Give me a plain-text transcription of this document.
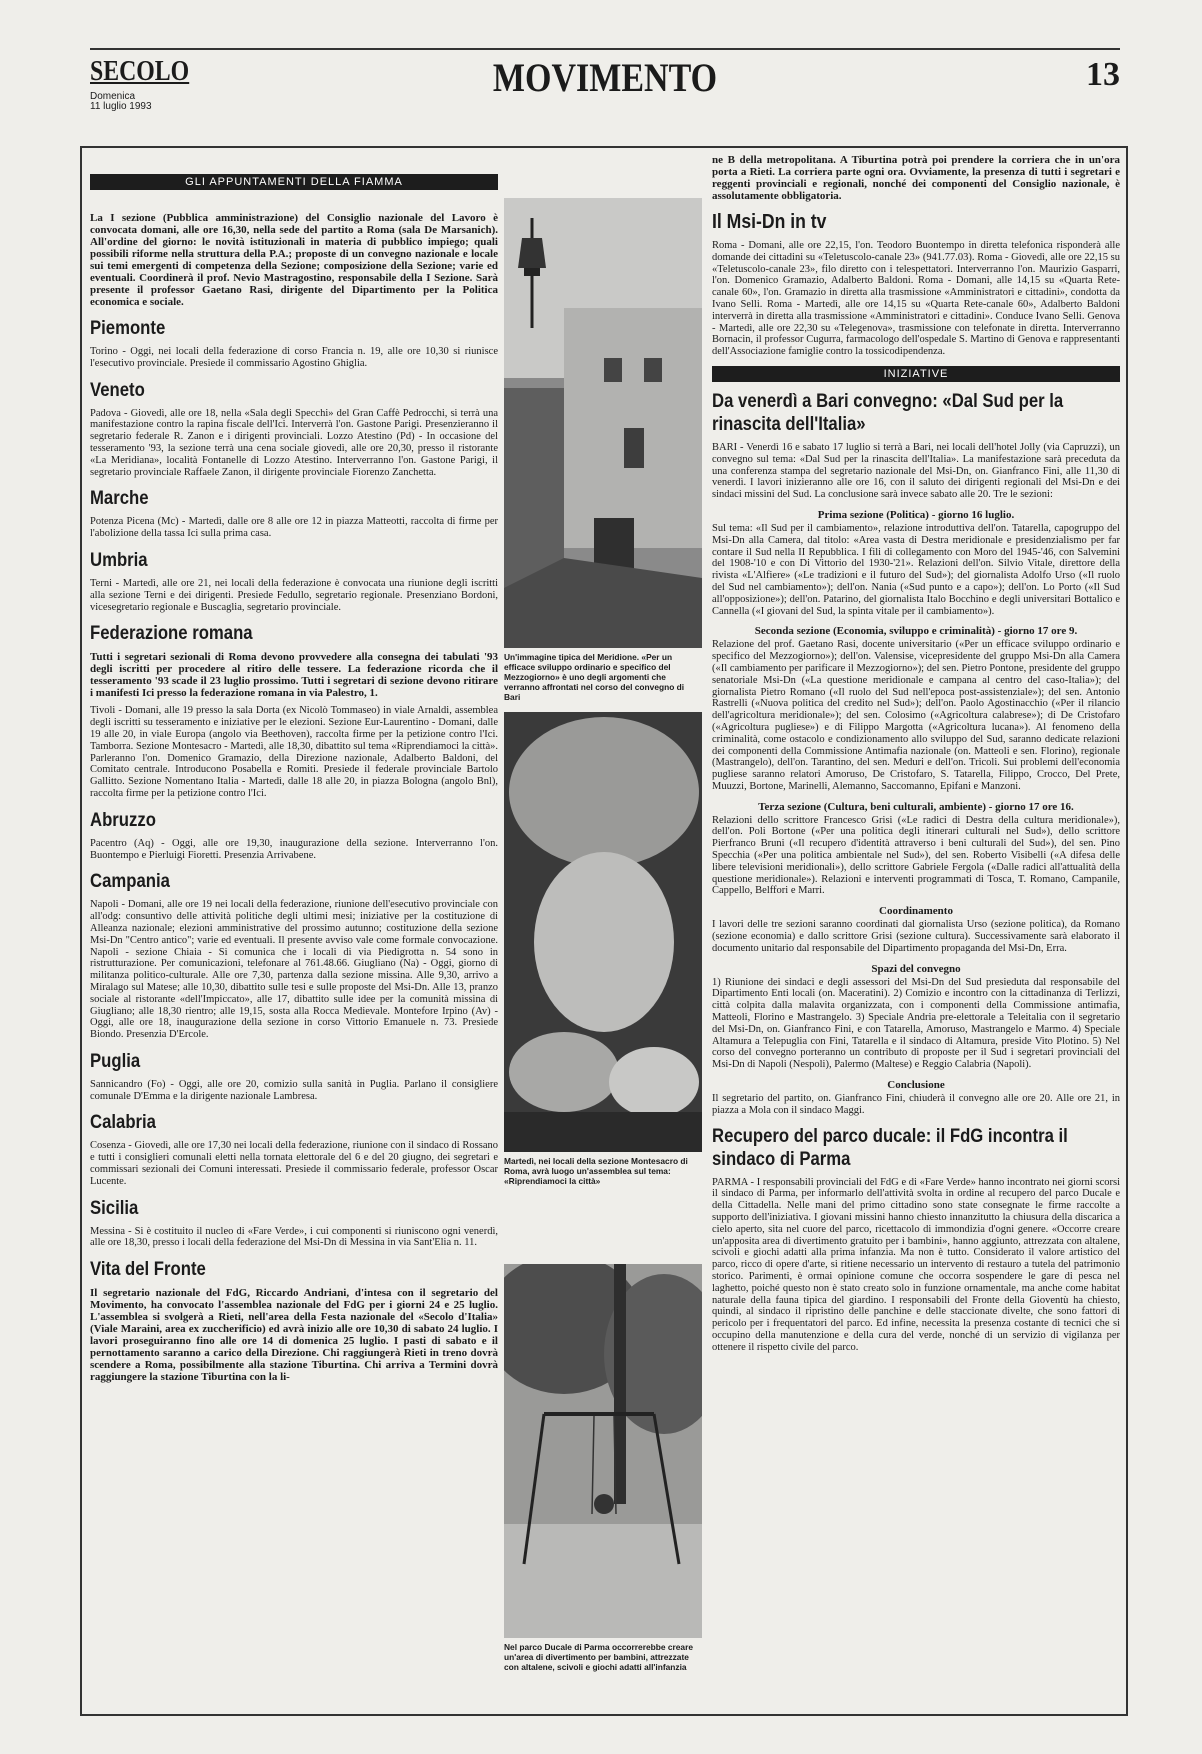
SECOLO
Domenica
11 luglio 1993
MOVIMENTO	13
GLI APPUNTAMENTI DELLA FIAMMA
La I sezione (Pubblica amministrazione) del Consiglio nazionale del Lavoro è convocata domani, alle ore 16,30, nella sede del partito a Roma (sala De Marsanich). All'ordine del giorno: le novità istituzionali in materia di pubblico impiego; quali possibili riforme nella struttura della P.A.; proposte di un convegno nazionale e locale sui temi emergenti di competenza della Sezione; composizione della Sezione; varie ed eventuali. Coordinerà il prof. Nevio Mastragostino, responsabile della I Sezione. Sarà presente il professor Gaetano Rasi, dirigente del Dipartimento per la Politica economica e sociale.
Piemonte

Torino - Oggi, nei locali della federazione di corso Francia n. 19, alle ore 10,30 si riunisce l'esecutivo provinciale. Presiede il commissario Agostino Ghiglia.

Veneto

Padova - Giovedì, alle ore 18, nella «Sala degli Specchi» del Gran Caffè Pedrocchi, si terrà una manifestazione contro la rapina fiscale dell'Ici. Interverrà l'on. Gastone Parigi. Presenzieranno il segretario federale R. Zanon e i dirigenti provinciali. Lozzo Atestino (Pd) - In occasione del tesseramento '93, la sezione terrà una cena sociale giovedì, alle ore 20,30, presso il ristorante «La Meridiana», località Fontanelle di Lozzo Atestino. Interverranno l'on. Gastone Parigi, il segretario provinciale Raffaele Zanon, il dirigente provinciale Fiorenzo Zanchetta.

Marche

Potenza Picena (Mc) - Martedì, dalle ore 8 alle ore 12 in piazza Matteotti, raccolta di firme per l'abolizione della tassa Ici sulla prima casa.

Umbria

Terni - Martedì, alle ore 21, nei locali della federazione è convocata una riunione degli iscritti alla sezione Terni e dei dirigenti. Presiede Fedullo, segretario regionale. Presenziano Bordoni, vicesegretario regionale e Buscaglia, segretario provinciale.

Federazione romana

Tutti i segretari sezionali di Roma devono provvedere alla consegna dei tabulati '93 degli iscritti per procedere al ritiro delle tessere. La federazione ricorda che il tesseramento '93 scade il 23 luglio prossimo. Tutti i segretari di sezione devono ritirare i manifesti Ici presso la federazione romana in via Palestro, 1.

Tivoli - Domani, alle 19 presso la sala Dorta (ex Nicolò Tommaseo) in viale Arnaldi, assemblea degli iscritti su tesseramento e iniziative per le elezioni. Sezione Eur-Laurentino - Domani, dalle 19 alle 20, in viale Europa (angolo via Beethoven), raccolta firme per la petizione contro l'Ici. Tamborra. Sezione Montesacro - Martedì, alle 18,30, dibattito sul tema «Riprendiamoci la città». Parleranno l'on. Domenico Gramazio, della Direzione nazionale, Adalberto Baldoni, del Comitato centrale. Introducono Posabella e Romiti. Presiede il federale provinciale Bartolo Gallitto. Sezione Nomentano Italia - Martedì, dalle 18 alle 20, in piazza Bologna (angolo Bnl), raccolta firme per la petizione contro l'Ici.

Abruzzo

Pacentro (Aq) - Oggi, alle ore 19,30, inaugurazione della sezione. Interverranno l'on. Buontempo e Pierluigi Fioretti. Presenzia Arrivabene.

Campania

Napoli - Domani, alle ore 19 nei locali della federazione, riunione dell'esecutivo provinciale con all'odg: consuntivo delle attività politiche degli ultimi mesi; iniziative per la costituzione di Alleanza nazionale; elezioni amministrative del prossimo autunno; costituzione della sezione Msi-Dn "Centro antico"; varie ed eventuali. Il presente avviso vale come formale convocazione. Napoli - sezione Chiaia - Si comunica che i locali di via Piedigrotta n. 54 sono in ristrutturazione. Per comunicazioni, telefonare al 761.48.66. Giugliano (Na) - Oggi, giorno di militanza politico-culturale. Alle ore 7,30, partenza dalla sezione missina. Alle 9,30, arrivo a Miralago sul Matese; alle 10,30, dibattito sulle tesi e sulle proposte del Msi-Dn. Alle 13, pranzo sociale al ristorante «dell'Impiccato», alle 17, dibattito sulle idee per la comunità missina di Giugliano; alle 18,30 rientro; alle 19,15, sosta alla Rocca Medievale. Montefore Irpino (Av) - Oggi, alle ore 18, inaugurazione della sezione in corso Vittorio Emanuele n. 73. Presiede Biondo. Presenzia D'Ercole.

Puglia

Sannicandro (Fo) - Oggi, alle ore 20, comizio sulla sanità in Puglia. Parlano il consigliere comunale D'Emma e la dirigente nazionale Lambresa.

Calabria

Cosenza - Giovedì, alle ore 17,30 nei locali della federazione, riunione con il sindaco di Rossano e tutti i consiglieri comunali eletti nella tornata elettorale del 6 e del 20 giugno, dei segretari e commissari sezionali dei Comuni interessati. Presiede il commissario federale, professor Oscar Lucente.

Sicilia

Messina - Si è costituito il nucleo di «Fare Verde», i cui componenti si riuniscono ogni venerdì, alle ore 18,30, presso i locali della federazione del Msi-Dn di Messina in via Sant'Elia n. 11.

Vita del Fronte

Il segretario nazionale del FdG, Riccardo Andriani, d'intesa con il segretario del Movimento, ha convocato l'assemblea nazionale del FdG per i giorni 24 e 25 luglio. L'assemblea si svolgerà a Rieti, nell'area della Festa nazionale del «Secolo d'Italia» (Viale Maraini, area ex zuccherificio) ed avrà inizio alle ore 10,30 di sabato 24 luglio. I lavori proseguiranno fino alle ore 14 di domenica 25 luglio. I pasti di sabato e il pernottamento saranno a carico della Direzione. Chi raggiungerà Rieti in treno dovrà scendere a Roma, possibilmente alla stazione Tiburtina. Chi arriva a Termini dovrà raggiungere la stazione Tiburtina con la li-

Un'immagine tipica del Meridione. «Per un efficace sviluppo ordinario e specifico del Mezzogiorno» è uno degli argomenti che verranno affrontati nel corso del convegno di Bari
Martedì, nei locali della sezione Montesacro di Roma, avrà luogo un'assemblea sul tema: «Riprendiamoci la città»
Nel parco Ducale di Parma occorrerebbe creare un'area di divertimento per bambini, attrezzate con altalene, scivoli e giochi adatti all'infanzia
ne B della metropolitana. A Tiburtina potrà poi prendere la corriera che in un'ora porta a Rieti. La corriera parte ogni ora. Ovviamente, la presenza di tutti i segretari e reggenti provinciali e regionali, nonché dei componenti del Consiglio nazionale, è assolutamente obbligatoria.
Il Msi-Dn in tv

Roma - Domani, alle ore 22,15, l'on. Teodoro Buontempo in diretta telefonica risponderà alle domande dei cittadini su «Teletuscolo-canale 23» (941.77.03). Roma - Giovedì, alle ore 22,15 su «Teletuscolo-canale 23», filo diretto con i telespettatori. Interverranno l'on. Maurizio Gasparri, l'on. Domenico Gramazio, Adalberto Baldoni. Roma - Domani, alle 14,15 su «Quarta Rete-canale 60», l'on. Gramazio in diretta alla trasmissione «Amministratori e cittadini», condotta da Ivano Selli. Roma - Martedì, alle ore 14,15 su «Quarta Rete-canale 60», Adalberto Baldoni interverrà in diretta alla trasmissione «Amministratori e cittadini». Conduce Ivano Selli. Genova - Martedì, alle ore 22,30 su «Telegenova», trasmissione con telefonate in diretta. Interverranno Bornacin, il professor Cugurra, farmacologo dell'ospedale S. Martino di Genova e rappresentanti dell'Associazione famiglie contro la tossicodipendenza.

INIZIATIVE
Da venerdì a Bari convegno: «Dal Sud per la rinascita dell'Italia»

BARI - Venerdì 16 e sabato 17 luglio si terrà a Bari, nei locali dell'hotel Jolly (via Capruzzi), un convegno sul tema: «Dal Sud per la rinascita dell'Italia». La manifestazione sarà preceduta da una conferenza stampa del segretario nazionale del Msi-Dn, on. Gianfranco Fini, alle 11,30 di venerdì. I lavori inizieranno alle ore 16, con il saluto dei dirigenti regionali del Msi-Dn e dei sindaci missini del Sud. La conclusione sarà invece sabato alle 20. Tre le sezioni:

Prima sezione (Politica) - giorno 16 luglio.

Sul tema: «Il Sud per il cambiamento», relazione introduttiva dell'on. Tatarella, capogruppo del Msi-Dn alla Camera, dal titolo: «Area vasta di Destra meridionale e presidenzialismo per far contare il Sud nella II Repubblica. I fili di collegamento con Moro del 1945-'46, con Salvemini del 1908-'10 e con Di Vittorio del 1930-'21». Relazioni dell'on. Silvio Vitale, direttore della rivista «L'Alfiere» («Le tradizioni e il futuro del Sud»); del giornalista Adolfo Urso («Il ruolo del Sud nel cambiamento»); dell'on. Nania («Sud punto e a capo»); dell'on. Lo Porto («Il Sud all'opposizione»); dell'on. Patarino, del giornalista Italo Bocchino e degli universitari Bottalico e Cannella («I giovani del Sud, la spinta vitale per il cambiamento»).

Seconda sezione (Economia, sviluppo e criminalità) - giorno 17 ore 9.

Relazione del prof. Gaetano Rasi, docente universitario («Per un efficace sviluppo ordinario e specifico del Mezzogiorno»); dell'on. Valensise, vicepresidente del gruppo Msi-Dn alla Camera («Il cambiamento per parificare il Mezzogiorno»); del sen. Pietro Pontone, presidente del gruppo senatoriale Msi-Dn («La questione meridionale e campana al centro del caso-Italia»); del giornalista Pietro Romano («Il ruolo del Sud nell'epoca post-assistenziale»); del sen. Antonio Rastrelli («Nuova politica del credito nel Sud»); dell'on. Paolo Agostinacchio («Per il rilancio dell'agricoltura meridionale»); del sen. Colosimo («Agricoltura calabrese»); di De Cristofaro («Agricoltura pugliese») e di Filippo Margotta («Agricoltura lucana»). Al fenomeno della criminalità, come ostacolo e condizionamento allo sviluppo del Sud, saranno dedicate relazioni dei componenti della Commissione Antimafia nazionale (on. Matteoli e sen. Florino), regionale (Mastrangelo), dell'on. Tarantino, del sen. Meduri e dell'on. Tricoli. Sui problemi dell'economia pugliese saranno relatori Amoruso, De Cristofaro, S. Tatarella, Filippo, Crocco, Del Prete, Muuzzi, Bortone, Marinelli, Alemanno, Saccomanno, Epifani e Manzoni.

Terza sezione (Cultura, beni culturali, ambiente) - giorno 17 ore 16.

Relazioni dello scrittore Francesco Grisi («Le radici di Destra della cultura meridionale»), dell'on. Poli Bortone («Per una politica degli itinerari culturali nel Sud»), dello scrittore Pierfranco Bruni («Il recupero d'identità attraverso i beni culturali del Sud»), del sen. Pino Specchia («Per una politica ambientale nel Sud»), del sen. Roberto Visibelli («A difesa delle libere televisioni meridionali»), dello scrittore Gabriele Fergola («Dalle radici all'attualità della questione meridionale»). Relazioni e interventi programmati di Tosca, T. Romano, Campanile, Cappello, Belffori e Marri.

Coordinamento

I lavori delle tre sezioni saranno coordinati dal giornalista Urso (sezione politica), da Romano (sezione economia) e dallo scrittore Grisi (sezione cultura). Successivamente sarà elaborato il documento unitario dal responsabile del Dipartimento propaganda del Msi-Dn, Erra.

Spazi del convegno

1) Riunione dei sindaci e degli assessori del Msi-Dn del Sud presieduta dal responsabile del Dipartimento Enti locali (on. Maceratini). 2) Comizio e incontro con la cittadinanza di Terlizzi, città colpita dalla malavita organizzata, con i componenti della Commissione antimafia, Matteoli, Florino e Mastrangelo. 3) Speciale Andria pre-elettorale a Teleitalia con il segretario del Msi-Dn, on. Gianfranco Fini, e con Tatarella, Amoruso, Mastrangelo e Marmo. 4) Speciale Altamura a Telepuglia con Fini, Tatarella e il sindaco di Altamura, preside Vito Plotino. 5) Nel corso del convegno porteranno un contributo di proposte per il Sud i segretari provinciali del Msi-Dn di Napoli (Nespoli), Palermo (Maltese) e Reggio Calabria (Napoli).

Conclusione

Il segretario del partito, on. Gianfranco Fini, chiuderà il convegno alle ore 20. Alle ore 21, in piazza a Mola con il sindaco Maggi.

Recupero del parco ducale: il FdG incontra il sindaco di Parma

PARMA - I responsabili provinciali del FdG e di «Fare Verde» hanno incontrato nei giorni scorsi il sindaco di Parma, per informarlo dell'attività svolta in ordine al recupero del parco Ducale e della Cittadella. Nelle mani del primo cittadino sono state consegnate le firme raccolte a supporto dell'iniziativa. I giovani missini hanno chiesto innanzitutto la chiusura della discarica a cielo aperto, sita nel cuore del parco, ricettacolo di immondizia d'ogni genere. «Occorre creare un'apposita area di divertimento gratuito per i bambini», hanno aggiunto, attrezzata con altalene, scivoli e giochi adatti alla prima infanzia. Ma non è tutto. Considerato il valore artistico del parco, ricco di opere d'arte, si ritiene necessario un intervento di restauro a tutela del patrimonio storico. Parimenti, è ormai opinione comune che occorra sospendere le gare di pesca nel laghetto, poiché questo non è stato creato solo in funzione ornamentale, ma anche come habitat naturale della fauna tipica del giardino. I responsabili del Fronte della Gioventù ha chiesto, quindi, al sindaco il ripristino delle panchine e delle staccionate divelte, che sono fattori di pericolo per i frequentatori del parco. Ed infine, necessita la presenza costante di tecnici che si occupino della manutenzione e della cura del verde, nonché di un servizio di vigilanza per ottenere il rispetto civile del parco.
